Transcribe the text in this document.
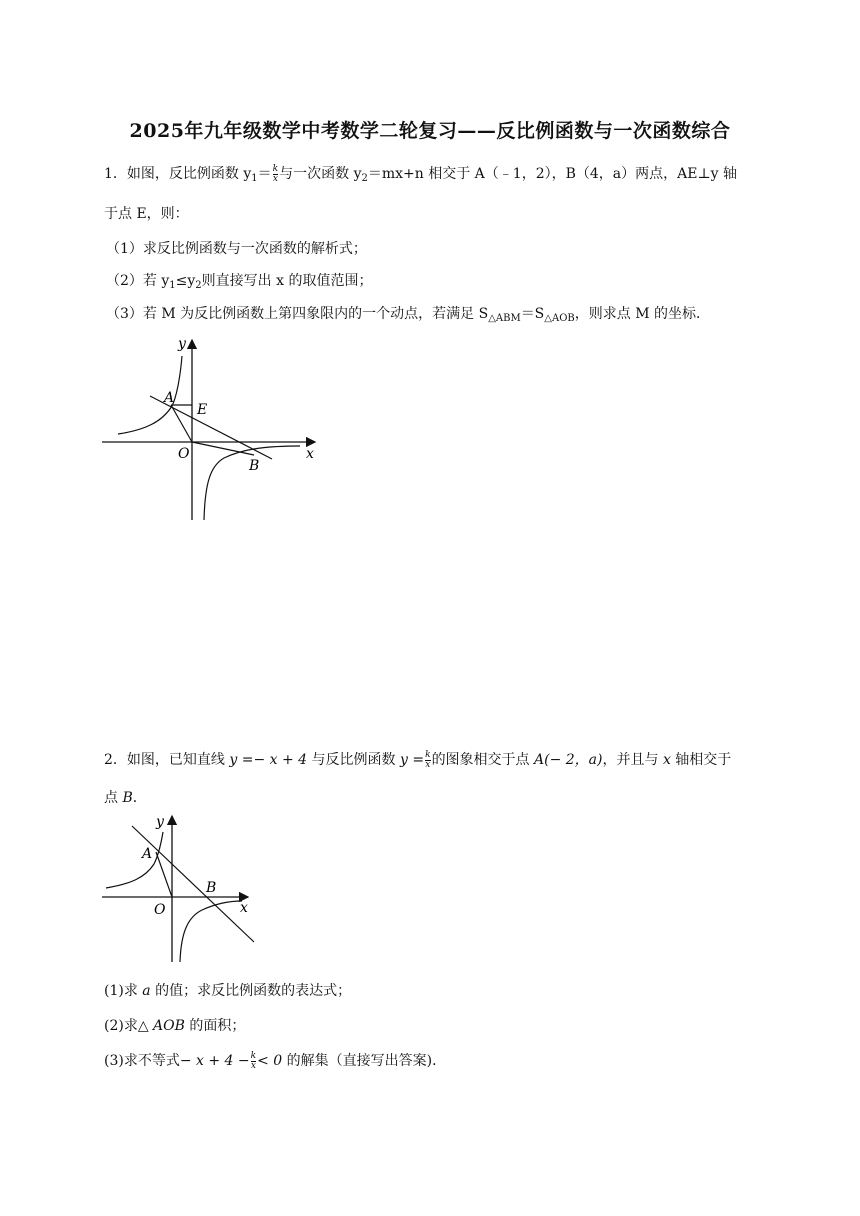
2025年九年级数学中考数学二轮复习——反比例函数与一次函数综合
1．如图，反比例函数 $y_1= \frac{k}{x}$ 与一次函数 $y_2=mx+n$ 相交于 A（﹣1，2），B（4，a）两点，AE⊥y 轴
于点 E，则：
（1）求反比例函数与一次函数的解析式；
（2）若 $y_1\le y_2$则直接写出 x 的取值范围；
（3）若 M 为反比例函数上第四象限内的一个动点，若满足 $S_{\triangle ABM}=S_{\triangle AOB}$，则求点 M 的坐标．
y
x
A
E
O
B
2．如图，已知直线 y =− x + 4 与反比例函数 $y = \frac{k}{x}$ 的图象相交于点 A(− 2，a)，并且与 x 轴相交于
点 B．
y
x
A
O
B
(1)求 a 的值；求反比例函数的表达式；
(2)求△ AOB 的面积；
(3)求不等式− $x + 4 - \frac{k}{x} < 0$ 的解集（直接写出答案)．
